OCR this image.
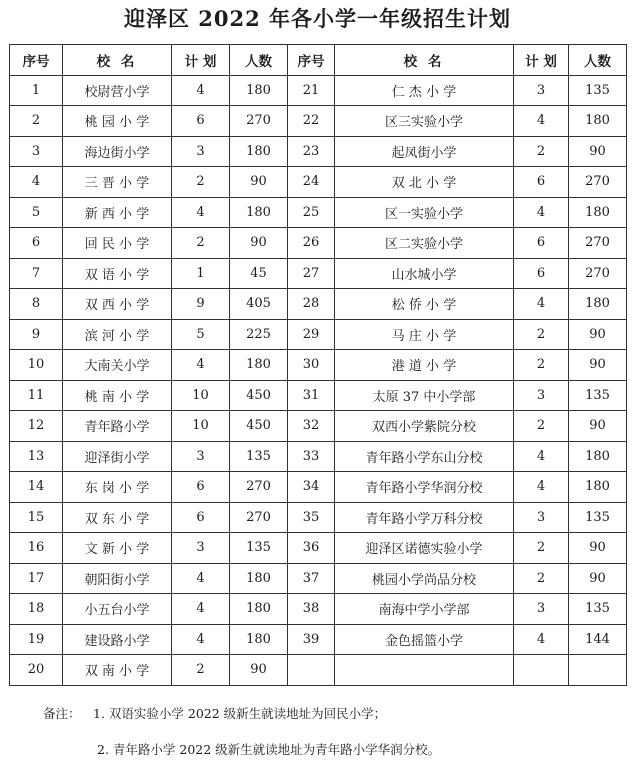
迎泽区 2022 年各小学一年级招生计划
序号	校 名	计 划	人数	序号	校 名	计 划	人数
1	校尉营小学	4	180	21	仁 杰 小 学	3	135
2	桃 园 小 学	6	270	22	区三实验小学	4	180
3	海边街小学	3	180	23	起凤街小学	2	90
4	三 晋 小 学	2	90	24	双 北 小 学	6	270
5	新 西 小 学	4	180	25	区一实验小学	4	180
6	回 民 小 学	2	90	26	区二实验小学	6	270
7	双 语 小 学	1	45	27	山水城小学	6	270
8	双 西 小 学	9	405	28	松 侨 小 学	4	180
9	滨 河 小 学	5	225	29	马 庄 小 学	2	90
10	大南关小学	4	180	30	港 道 小 学	2	90
11	桃 南 小 学	10	450	31	太原 37 中小学部	3	135
12	青年路小学	10	450	32	双西小学紫院分校	2	90
13	迎泽街小学	3	135	33	青年路小学东山分校	4	180
14	东 岗 小 学	6	270	34	青年路小学华润分校	4	180
15	双 东 小 学	6	270	35	青年路小学万科分校	3	135
16	文 新 小 学	3	135	36	迎泽区诺德实验小学	2	90
17	朝阳街小学	4	180	37	桃园小学尚品分校	2	90
18	小五台小学	4	180	38	南海中学小学部	3	135
19	建设路小学	4	180	39	金色摇篮小学	4	144
20	双 南 小 学	2	90				
备注： 1. 双语实验小学 2022 级新生就读地址为回民小学；
2. 青年路小学 2022 级新生就读地址为青年路小学华润分校。
